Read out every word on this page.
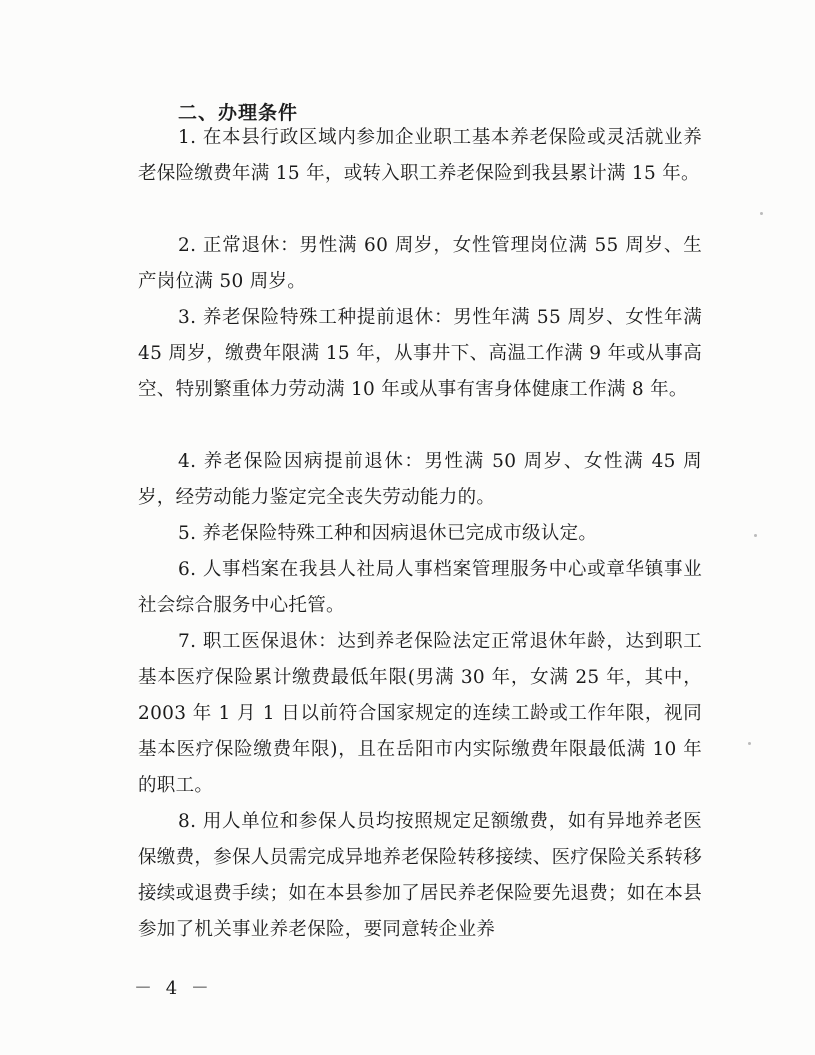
二、办理条件

1. 在本县行政区域内参加企业职工基本养老保险或灵活就业养老保险缴费年满 15 年，或转入职工养老保险到我县累计满 15 年。

2. 正常退休：男性满 60 周岁，女性管理岗位满 55 周岁、生产岗位满 50 周岁。

3. 养老保险特殊工种提前退休：男性年满 55 周岁、女性年满 45 周岁，缴费年限满 15 年，从事井下、高温工作满 9 年或从事高空、特别繁重体力劳动满 10 年或从事有害身体健康工作满 8 年。

4. 养老保险因病提前退休：男性满 50 周岁、女性满 45 周岁，经劳动能力鉴定完全丧失劳动能力的。

5. 养老保险特殊工种和因病退休已完成市级认定。

6. 人事档案在我县人社局人事档案管理服务中心或章华镇事业社会综合服务中心托管。

7. 职工医保退休：达到养老保险法定正常退休年龄，达到职工基本医疗保险累计缴费最低年限(男满 30 年，女满 25 年，其中，2003 年 1 月 1 日以前符合国家规定的连续工龄或工作年限，视同基本医疗保险缴费年限)，且在岳阳市内实际缴费年限最低满 10 年的职工。

8. 用人单位和参保人员均按照规定足额缴费，如有异地养老医保缴费，参保人员需完成异地养老保险转移接续、医疗保险关系转移接续或退费手续；如在本县参加了居民养老保险要先退费；如在本县参加了机关事业养老保险，要同意转企业养

－ 4 －
